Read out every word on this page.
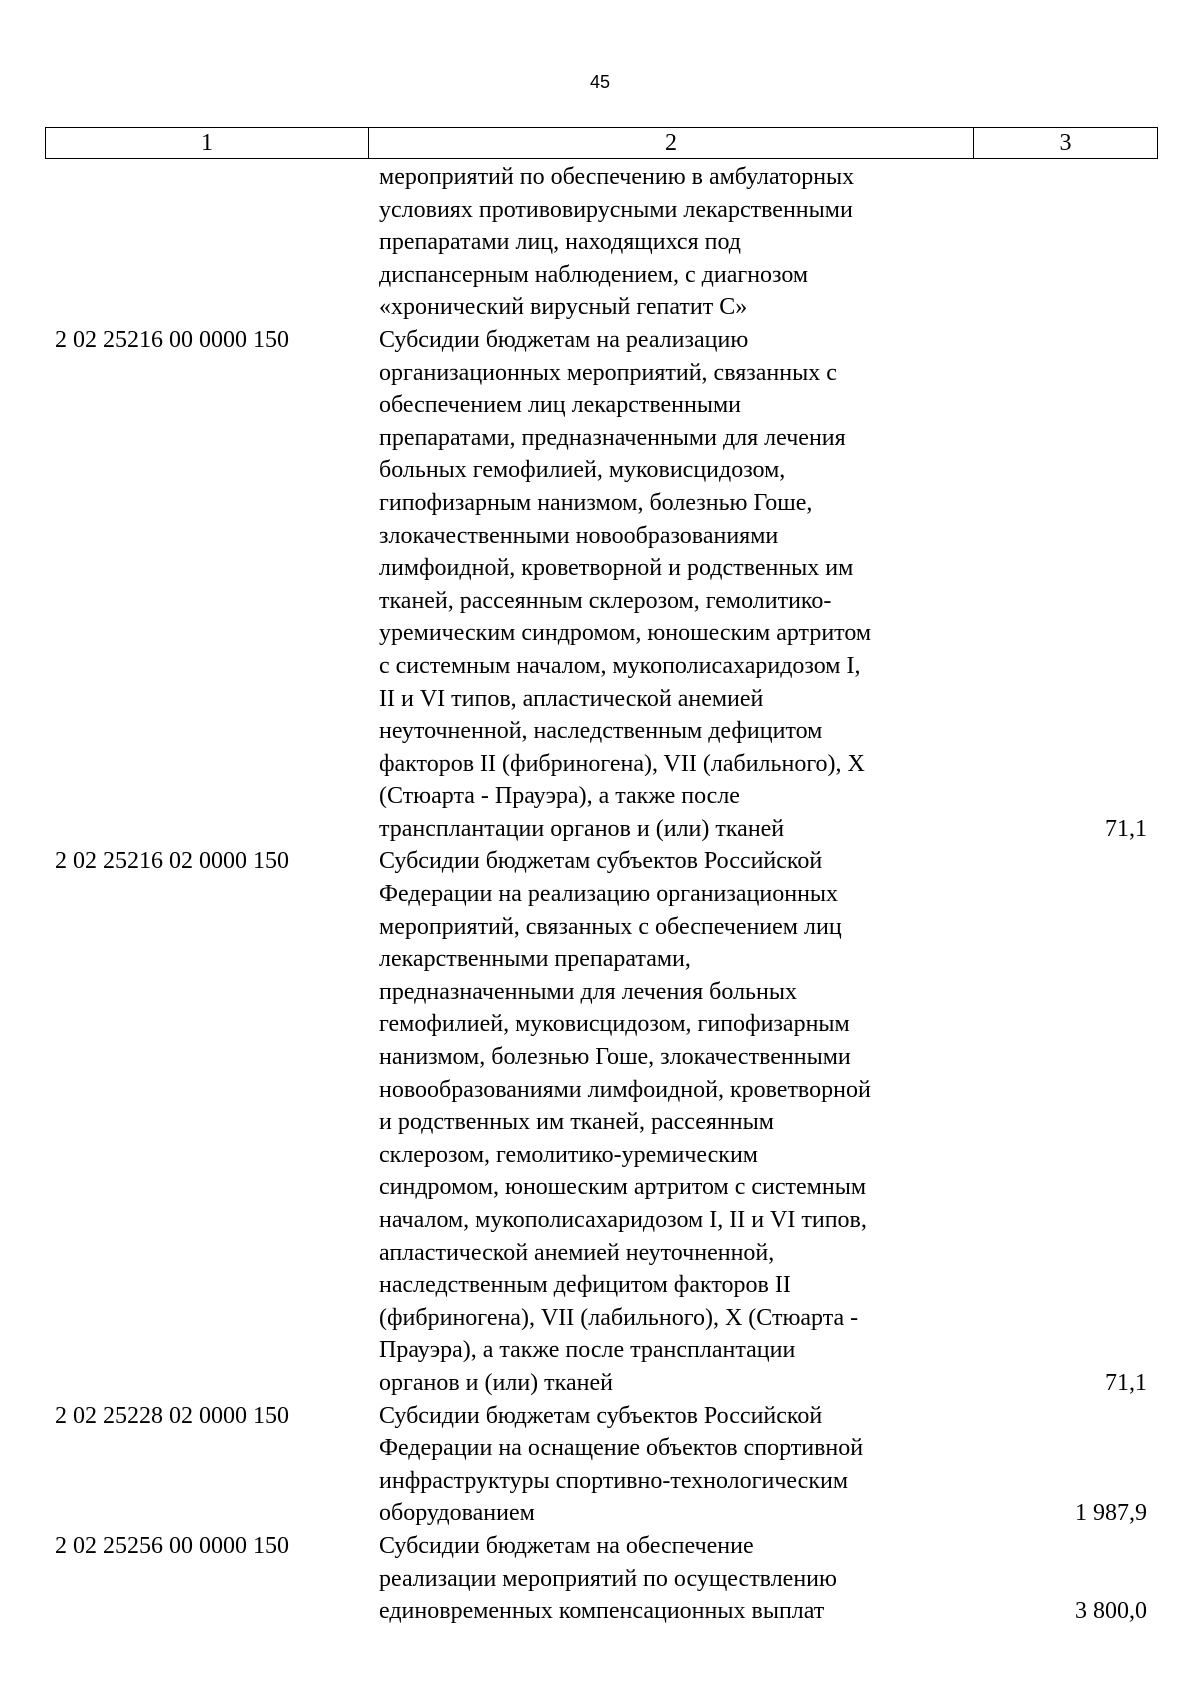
45
1	2	3
мероприятий по обеспечению в амбулаторных
условиях противовирусными лекарственными
препаратами лиц, находящихся под
диспансерным наблюдением, с диагнозом
«хронический вирусный гепатит С»
2 02 25216 00 0000 150	Субсидии бюджетам на реализацию
организационных мероприятий, связанных с
обеспечением лиц лекарственными
препаратами, предназначенными для лечения
больных гемофилией, муковисцидозом,
гипофизарным нанизмом, болезнью Гоше,
злокачественными новообразованиями
лимфоидной, кроветворной и родственных им
тканей, рассеянным склерозом, гемолитико-
уремическим синдромом, юношеским артритом
с системным началом, мукополисахаридозом I,
II и VI типов, апластической анемией
неуточненной, наследственным дефицитом
факторов II (фибриногена), VII (лабильного), X
(Стюарта - Прауэра), а также после
трансплантации органов и (или) тканей	71,1
2 02 25216 02 0000 150	Субсидии бюджетам субъектов Российской
Федерации на реализацию организационных
мероприятий, связанных с обеспечением лиц
лекарственными препаратами,
предназначенными для лечения больных
гемофилией, муковисцидозом, гипофизарным
нанизмом, болезнью Гоше, злокачественными
новообразованиями лимфоидной, кроветворной
и родственных им тканей, рассеянным
склерозом, гемолитико-уремическим
синдромом, юношеским артритом с системным
началом, мукополисахаридозом I, II и VI типов,
апластической анемией неуточненной,
наследственным дефицитом факторов II
(фибриногена), VII (лабильного), X (Стюарта -
Прауэра), а также после трансплантации
органов и (или) тканей	71,1
2 02 25228 02 0000 150	Субсидии бюджетам субъектов Российской
Федерации на оснащение объектов спортивной
инфраструктуры спортивно-технологическим
оборудованием	1 987,9
2 02 25256 00 0000 150	Субсидии бюджетам на обеспечение
реализации мероприятий по осуществлению
единовременных компенсационных выплат	3 800,0
